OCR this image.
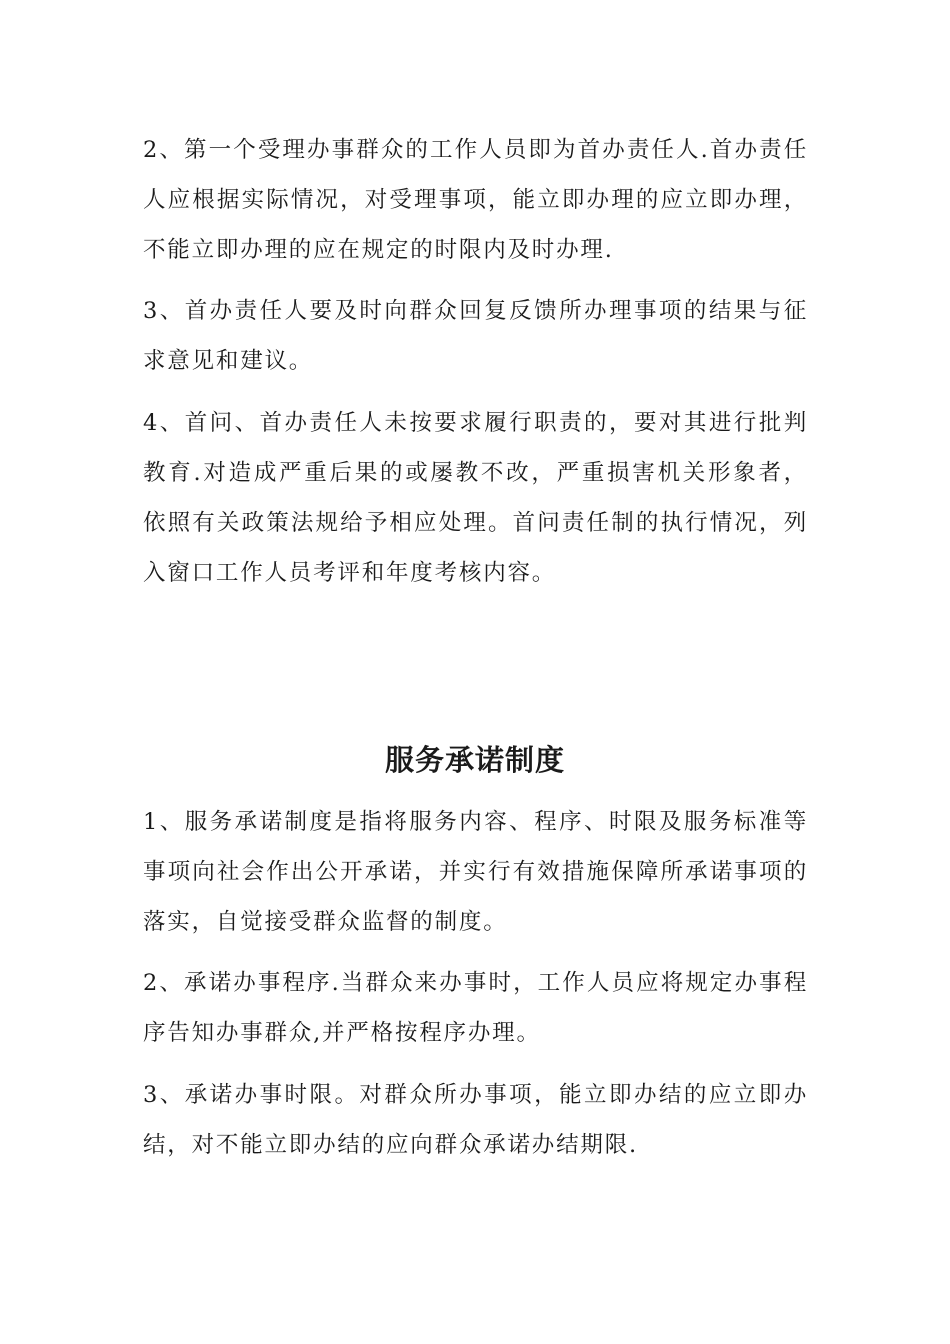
2、第一个受理办事群众的工作人员即为首办责任人.首办责任人应根据实际情况，对受理事项，能立即办理的应立即办理，不能立即办理的应在规定的时限内及时办理.

3、首办责任人要及时向群众回复反馈所办理事项的结果与征求意见和建议。

4、首问、首办责任人未按要求履行职责的，要对其进行批判教育.对造成严重后果的或屡教不改，严重损害机关形象者，依照有关政策法规给予相应处理。首问责任制的执行情况，列入窗口工作人员考评和年度考核内容。

服务承诺制度

1、服务承诺制度是指将服务内容、程序、时限及服务标准等事项向社会作出公开承诺，并实行有效措施保障所承诺事项的落实，自觉接受群众监督的制度。

2、承诺办事程序.当群众来办事时，工作人员应将规定办事程序告知办事群众,并严格按程序办理。

3、承诺办事时限。对群众所办事项，能立即办结的应立即办结，对不能立即办结的应向群众承诺办结期限.
